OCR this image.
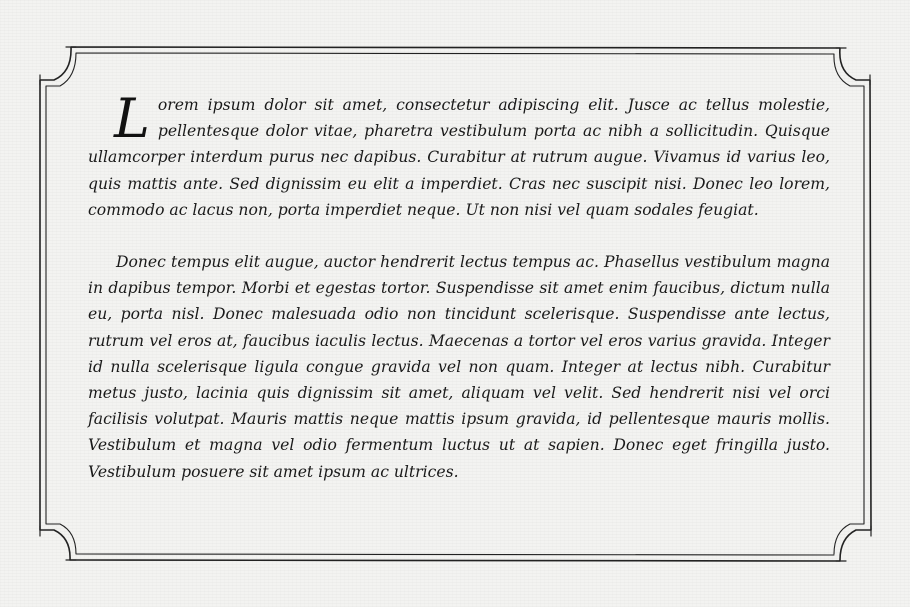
Lorem ipsum dolor sit amet, consectetur adipiscing elit. Jusce ac tellus molestie, pellentesque dolor vitae, pharetra vestibulum porta ac nibh a sollicitudin. Quisque ullamcorper interdum purus nec dapibus. Curabitur at rutrum augue. Vivamus id varius leo, quis mattis ante. Sed dignissim eu elit a imperdiet. Cras nec suscipit nisi. Donec leo lorem, commodo ac lacus non, porta imperdiet neque. Ut non nisi vel quam sodales feugiat.

Donec tempus elit augue, auctor hendrerit lectus tempus ac. Phasellus vestibulum magna in dapibus tempor. Morbi et egestas tortor. Suspendisse sit amet enim faucibus, dictum nulla eu, porta nisl. Donec malesuada odio non tincidunt scelerisque. Suspendisse ante lectus, rutrum vel eros at, faucibus iaculis lectus. Maecenas a tortor vel eros varius gravida. Integer id nulla scelerisque ligula congue gravida vel non quam. Integer at lectus nibh. Curabitur metus justo, lacinia quis dignissim sit amet, aliquam vel velit. Sed hendrerit nisi vel orci facilisis volutpat. Mauris mattis neque mattis ipsum gravida, id pellentesque mauris mollis. Vestibulum et magna vel odio fermentum luctus ut at sapien. Donec eget fringilla justo. Vestibulum posuere sit amet ipsum ac ultrices.
